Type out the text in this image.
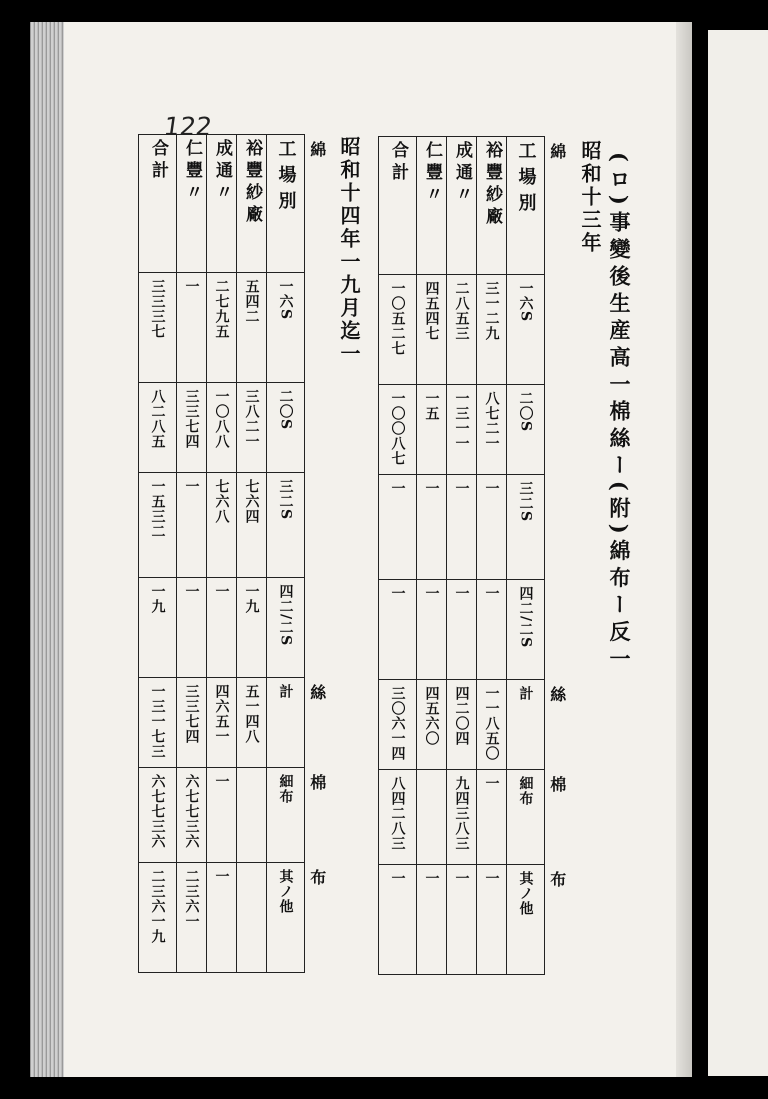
122
(ロ)事變後生産高一棉絲ー(附)綿布ー反一
昭和十三年
昭和十四年一九月迄一
合計	仁豐〃	成通〃	裕豐紗廠	工場別	綿

三三三七	一	二七九五	五四二	一六S	

八二八五	三三七四	一〇八八	三八二一	二〇S	

一五三二	一	七六八	七六四	三二S	

一九	一	一	一九	四二/二S	

一三一七三	三三七四	四六五一	五一四八	計	絲

六七七三六	六七七三六	一		細布	棉

二三六一九	二三六一	一		其ノ他	布
合計	仁豐〃	成通〃	裕豐紗廠	工場別	綿

一〇五二七	四五四七	二八五三	三一二九	一六S	

一〇〇八七	一五	一三一一	八七二一	二〇S	

一	一	一	一	三二S	

一	一	一	一	四二/二S	

三〇六一四	四五六〇	四二〇四	一一八五〇	計	絲

八四二八三		九四三八三	一	細布	棉

一	一	一	一	其ノ他	布
